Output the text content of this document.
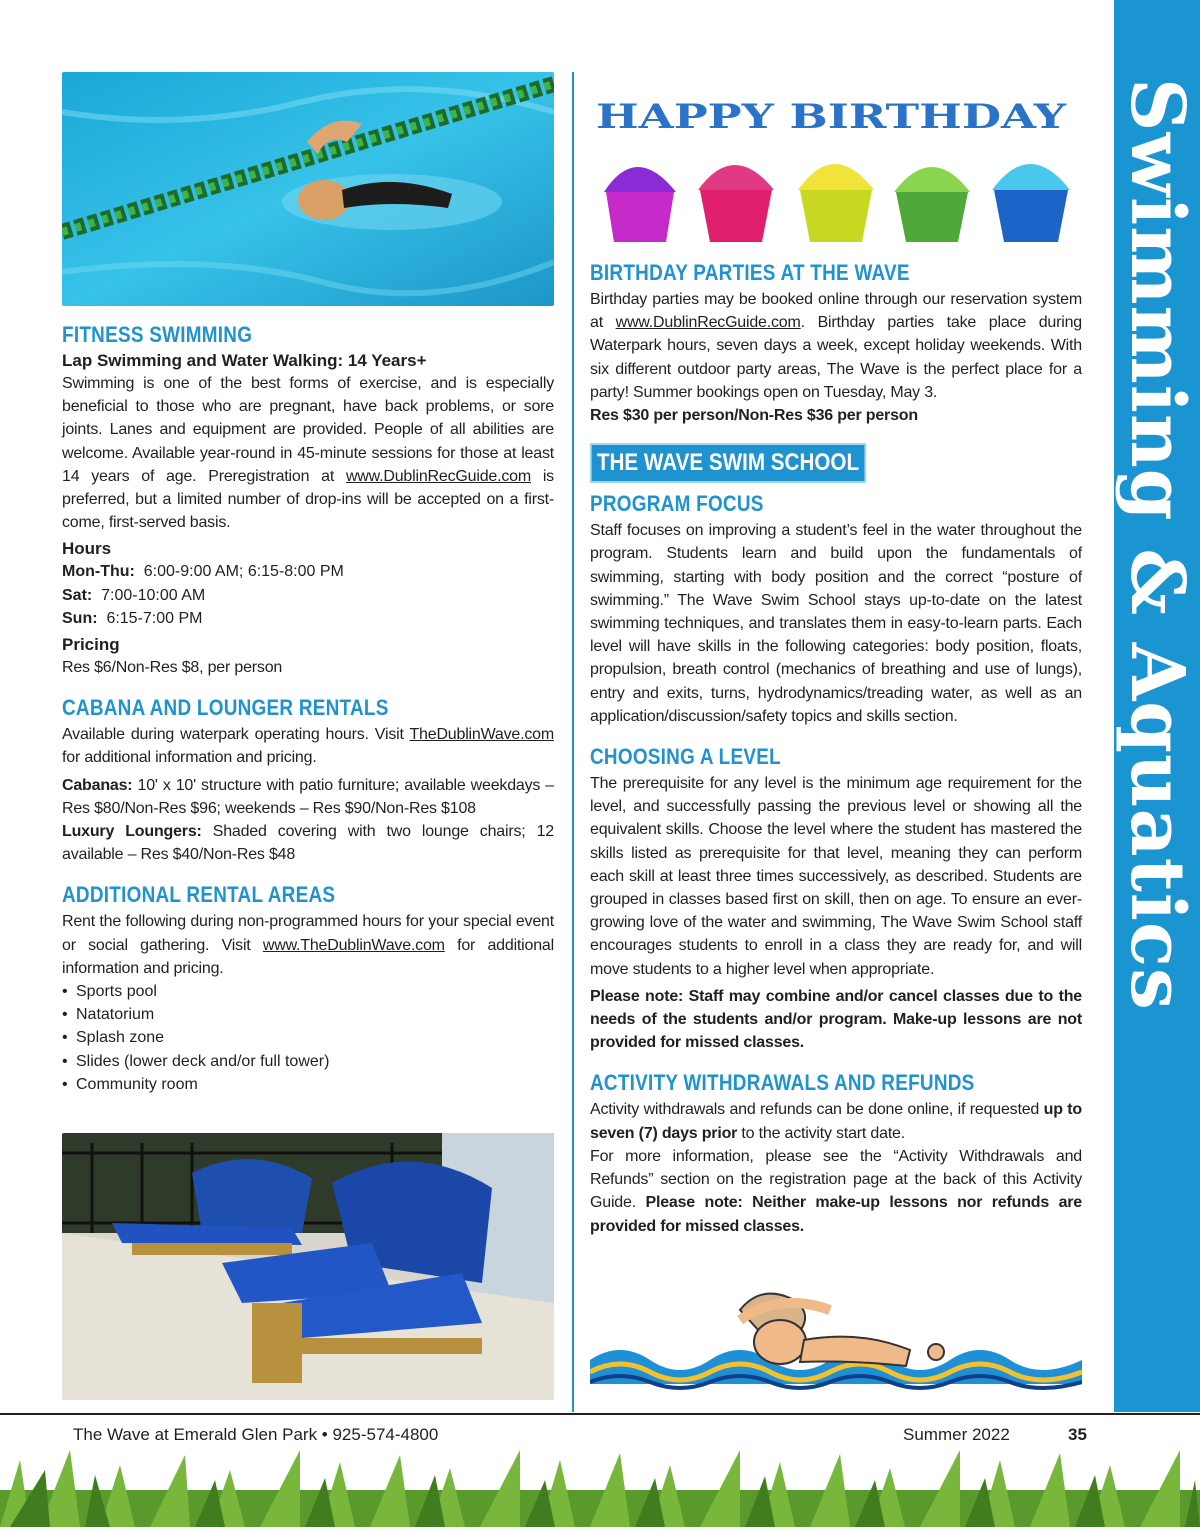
Swimming & Aquatics
FITNESS SWIMMING
Lap Swimming and Water Walking: 14 Years+

Swimming is one of the best forms of exercise, and is especially beneficial to those who are pregnant, have back problems, or sore joints. Lanes and equipment are provided. People of all abilities are welcome. Available year-round in 45-minute sessions for those at least 14 years of age. Preregistration at www.DublinRecGuide.com is preferred, but a limited number of drop-ins will be accepted on a first-come, first-served basis.

Hours
Mon-Thu: 6:00-9:00 AM; 6:15-8:00 PM
Sat: 7:00-10:00 AM
Sun: 6:15-7:00 PM
Pricing

Res $6/Non-Res $8, per person

CABANA AND LOUNGER RENTALS

Available during waterpark operating hours. Visit TheDublinWave.com for additional information and pricing.

Cabanas: 10' x 10' structure with patio furniture; available weekdays – Res $80/Non-Res $96; weekends – Res $90/Non-Res $108

Luxury Loungers: Shaded covering with two lounge chairs; 12 available – Res $40/Non-Res $48

ADDITIONAL RENTAL AREAS

Rent the following during non-programmed hours for your special event or social gathering. Visit www.TheDublinWave.com for additional information and pricing.

• Sports pool
• Natatorium
• Splash zone
• Slides (lower deck and/or full tower)
• Community room
HAPPY BIRTHDAY
BIRTHDAY PARTIES AT THE WAVE

Birthday parties may be booked online through our reservation system at www.DublinRecGuide.com. Birthday parties take place during Waterpark hours, seven days a week, except holiday weekends. With six different outdoor party areas, The Wave is the perfect place for a party! Summer bookings open on Tuesday, May 3.

Res $30 per person/Non-Res $36 per person

THE WAVE SWIM SCHOOL
PROGRAM FOCUS

Staff focuses on improving a student’s feel in the water throughout the program. Students learn and build upon the fundamentals of swimming, starting with body position and the correct “posture of swimming.” The Wave Swim School stays up-to-date on the latest swimming techniques, and translates them in easy-to-learn parts. Each level will have skills in the following categories: body position, floats, propulsion, breath control (mechanics of breathing and use of lungs), entry and exits, turns, hydrodynamics/treading water, as well as an application/discussion/safety topics and skills section.

CHOOSING A LEVEL

The prerequisite for any level is the minimum age requirement for the level, and successfully passing the previous level or showing all the equivalent skills. Choose the level where the student has mastered the skills listed as prerequisite for that level, meaning they can perform each skill at least three times successively, as described. Students are grouped in classes based first on skill, then on age. To ensure an ever-growing love of the water and swimming, The Wave Swim School staff encourages students to enroll in a class they are ready for, and will move students to a higher level when appropriate.

Please note: Staff may combine and/or cancel classes due to the needs of the students and/or program. Make-up lessons are not provided for missed classes.

ACTIVITY WITHDRAWALS AND REFUNDS

Activity withdrawals and refunds can be done online, if requested up to seven (7) days prior to the activity start date.

For more information, please see the “Activity Withdrawals and Refunds” section on the registration page at the back of this Activity Guide. Please note: Neither make-up lessons nor refunds are provided for missed classes.

The Wave at Emerald Glen Park • 925-574-4800	Summer 2022	35
